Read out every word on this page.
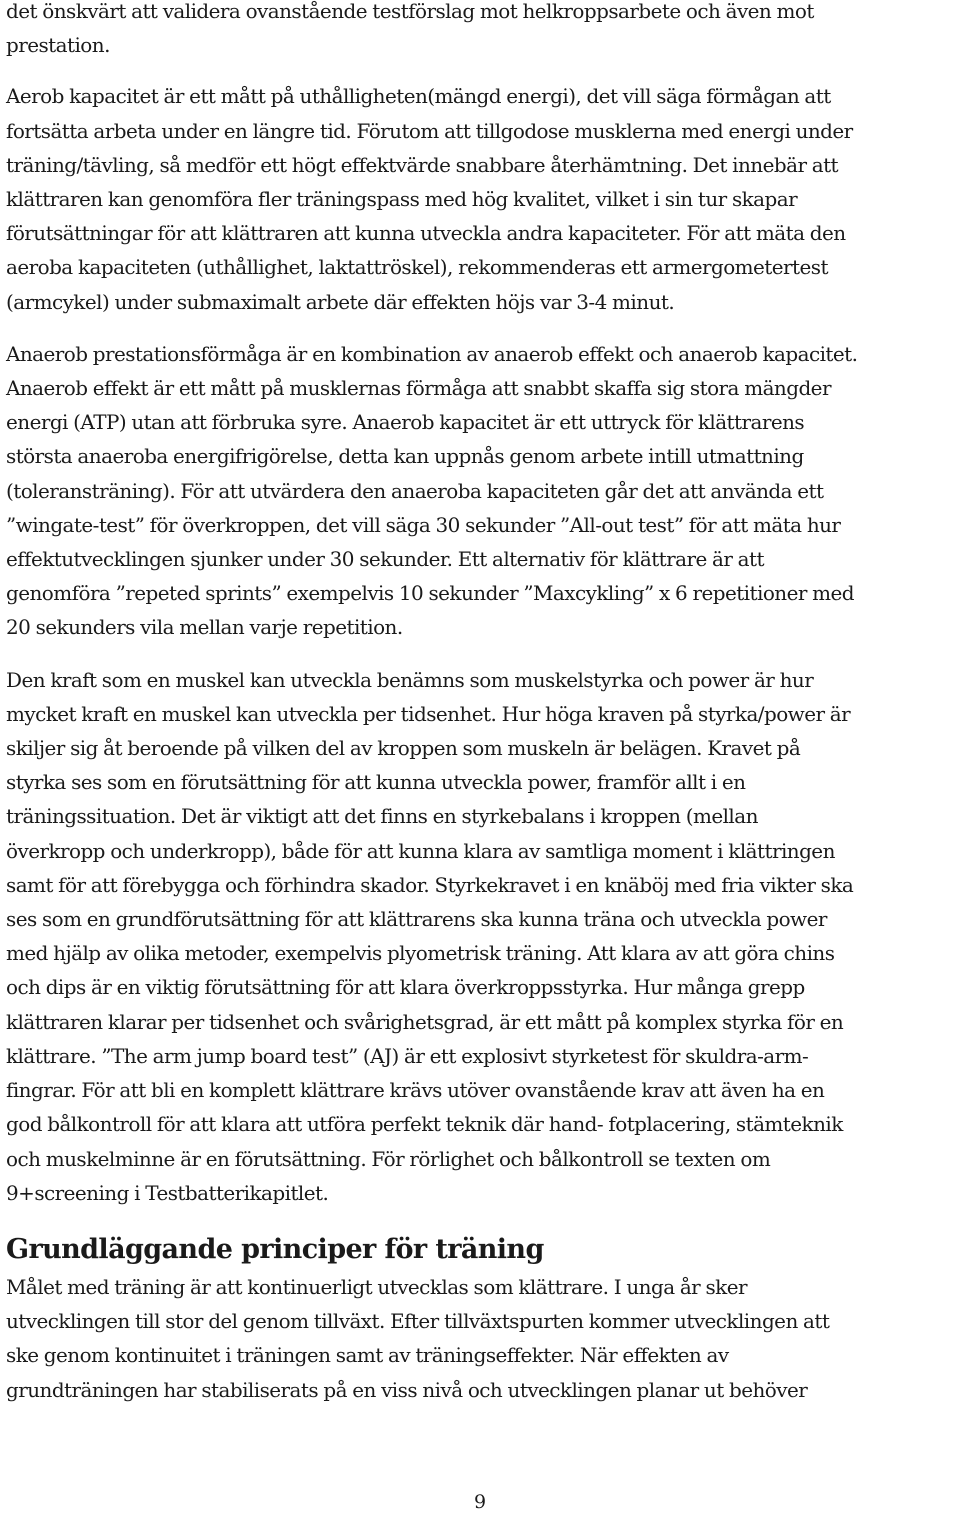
det önskvärt att validera ovanstående testförslag mot helkroppsarbete och även mot
prestation.

Aerob kapacitet är ett mått på uthålligheten(mängd energi), det vill säga förmågan att
fortsätta arbeta under en längre tid. Förutom att tillgodose musklerna med energi under
träning/tävling, så medför ett högt effektvärde snabbare återhämtning. Det innebär att
klättraren kan genomföra fler träningspass med hög kvalitet, vilket i sin tur skapar
förutsättningar för att klättraren att kunna utveckla andra kapaciteter. För att mäta den
aeroba kapaciteten (uthållighet, laktattröskel), rekommenderas ett armergometertest
(armcykel) under submaximalt arbete där effekten höjs var 3-4 minut.

Anaerob prestationsförmåga är en kombination av anaerob effekt och anaerob kapacitet.
Anaerob effekt är ett mått på musklernas förmåga att snabbt skaffa sig stora mängder
energi (ATP) utan att förbruka syre. Anaerob kapacitet är ett uttryck för klättrarens
största anaeroba energifrigörelse, detta kan uppnås genom arbete intill utmattning
(toleransträning). För att utvärdera den anaeroba kapaciteten går det att använda ett
”wingate-test” för överkroppen, det vill säga 30 sekunder ”All-out test” för att mäta hur
effektutvecklingen sjunker under 30 sekunder. Ett alternativ för klättrare är att
genomföra ”repeted sprints” exempelvis 10 sekunder ”Maxcykling” x 6 repetitioner med
20 sekunders vila mellan varje repetition.

Den kraft som en muskel kan utveckla benämns som muskelstyrka och power är hur
mycket kraft en muskel kan utveckla per tidsenhet. Hur höga kraven på styrka/power är
skiljer sig åt beroende på vilken del av kroppen som muskeln är belägen. Kravet på
styrka ses som en förutsättning för att kunna utveckla power, framför allt i en
träningssituation. Det är viktigt att det finns en styrkebalans i kroppen (mellan
överkropp och underkropp), både för att kunna klara av samtliga moment i klättringen
samt för att förebygga och förhindra skador. Styrkekravet i en knäböj med fria vikter ska
ses som en grundförutsättning för att klättrarens ska kunna träna och utveckla power
med hjälp av olika metoder, exempelvis plyometrisk träning. Att klara av att göra chins
och dips är en viktig förutsättning för att klara överkroppsstyrka. Hur många grepp
klättraren klarar per tidsenhet och svårighetsgrad, är ett mått på komplex styrka för en
klättrare. ”The arm jump board test” (AJ) är ett explosivt styrketest för skuldra-arm-
fingrar. För att bli en komplett klättrare krävs utöver ovanstående krav att även ha en
god bålkontroll för att klara att utföra perfekt teknik där hand- fotplacering, stämteknik
och muskelminne är en förutsättning. För rörlighet och bålkontroll se texten om
9+screening i Testbatterikapitlet.

Grundläggande principer för träning

Målet med träning är att kontinuerligt utvecklas som klättrare. I unga år sker
utvecklingen till stor del genom tillväxt. Efter tillväxtspurten kommer utvecklingen att
ske genom kontinuitet i träningen samt av träningseffekter. När effekten av
grundträningen har stabiliserats på en viss nivå och utvecklingen planar ut behöver

9
